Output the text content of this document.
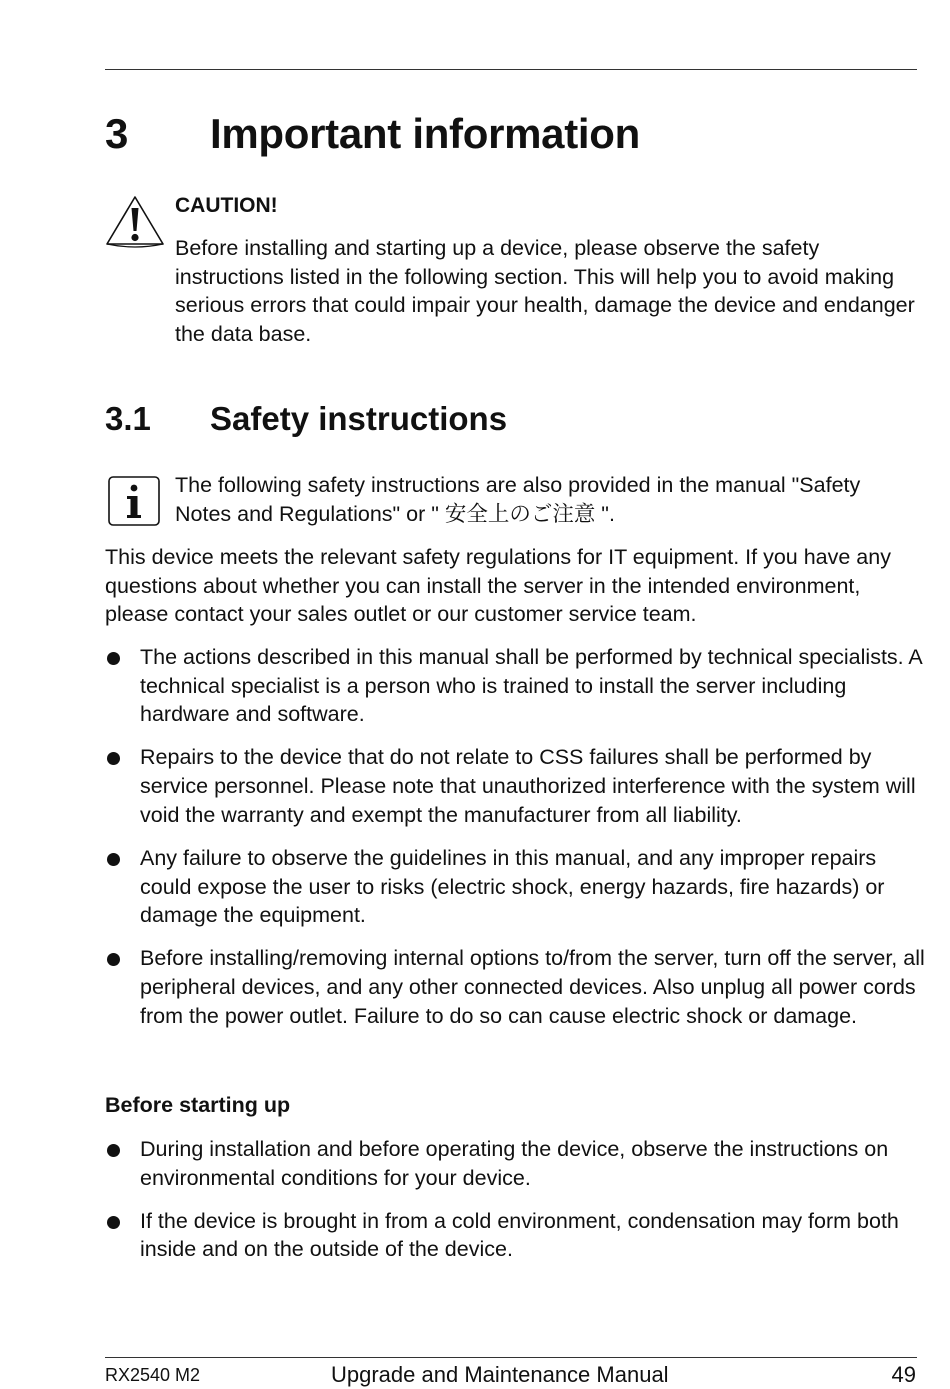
3 Important information
CAUTION!
Before installing and starting up a device, please observe the safety instructions listed in the following section. This will help you to avoid making serious errors that could impair your health, damage the device and endanger the data base.
3.1 Safety instructions
The following safety instructions are also provided in the manual "Safety Notes and Regulations" or " 安全上のご注意 ".
This device meets the relevant safety regulations for IT equipment. If you have any questions about whether you can install the server in the intended environment, please contact your sales outlet or our customer service team.
The actions described in this manual shall be performed by technical specialists. A technical specialist is a person who is trained to install the server including hardware and software.
Repairs to the device that do not relate to CSS failures shall be performed by service personnel. Please note that unauthorized interference with the system will void the warranty and exempt the manufacturer from all liability.
Any failure to observe the guidelines in this manual, and any improper repairs could expose the user to risks (electric shock, energy hazards, fire hazards) or damage the equipment.
Before installing/removing internal options to/from the server, turn off the server, all peripheral devices, and any other connected devices. Also unplug all power cords from the power outlet. Failure to do so can cause electric shock or damage.
Before starting up
During installation and before operating the device, observe the instructions on environmental conditions for your device.
If the device is brought in from a cold environment, condensation may form both inside and on the outside of the device.
RX2540 M2	Upgrade and Maintenance Manual	49
